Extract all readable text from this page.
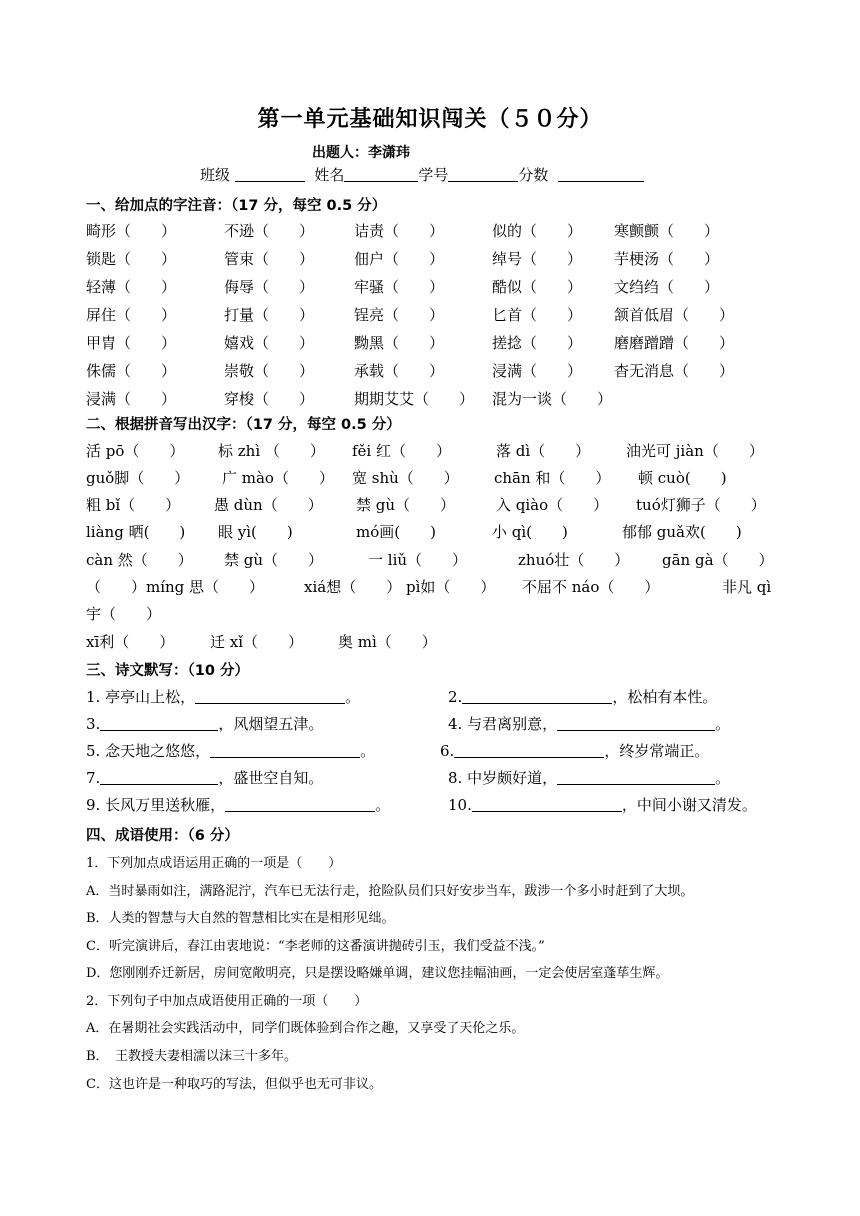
第一单元基础知识闯关（５０分）
出题人：李潇玮
班级	姓名	学号	分数
一、给加点的字注音：（17 分，每空 0.5 分）
畸形（　　）	不逊（　　）	诘责（　　）	似的（　　） 寒颤颤（　　）
锁匙（　　）	管束（　　）	佃户（　　）	绰号（　　） 芋梗汤（　　）
轻薄（　　）	侮辱（　　）	牢骚（　　）	酷似（　　） 文绉绉（　　）
屏住（　　）	打量（　　）	锃亮（　　）	匕首（　　） 颔首低眉（　　）
甲胄（　　）	嬉戏（　　）	黝黑（　　）	搓捻（　　） 磨磨蹭蹭（　　）
侏儒（　　）	崇敬（　　）	承载（　　）	浸满（　　） 杳无消息（　　）
浸满（　　）	穿梭（　　）	期期艾艾（　　） 混为一谈（　　）
二、根据拼音写出汉字：（17 分，每空 0.5 分）
活 pō（　　） 标 zhì （　　） fěi 红（　　）	落 dì（　　） 油光可 jiàn（　　）
guǒ脚（　　） 广 mào（　　） 宽 shù（　　） chān 和（　　） 顿 cuò(　　)
粗 bǐ（　　） 愚 dùn（　　） 禁 gù（　　）	入 qiào（　　） tuó灯狮子（　　）
liàng 晒(　　) 眼 yì(　　)	mó画(　　)	小 qì(　　)	郁郁 guǎ欢(　　)
càn 然（　　） 禁 gù（　　）	一 liǔ（　　）	zhuó壮（　　） gān gà（　　）
（　　）míng 思（　　）	xiá想（　　） pì如（　　） 不屈不 náo（　　）	非凡 qì
宇（　　）
xī利（　　） 迁 xǐ（　　） 奥 mì（　　）
三、诗文默写：（10 分）
1. 亭亭山上松，	。	2.	，松柏有本性。
3.	，风烟望五津。	4. 与君离别意，	。
5. 念天地之悠悠，	。	6.	，终岁常端正。
7.	，盛世空自知。	8. 中岁颇好道，	。
9. 长风万里送秋雁，	。	10.	，中间小谢又清发。
四、成语使用：（6 分）
1．下列加点成语运用正确的一项是（　　）
A．当时暴雨如注，满路泥泞，汽车已无法行走，抢险队员们只好安步当车，跋涉一个多小时赶到了大坝。
B．人类的智慧与大自然的智慧相比实在是相形见绌。
C．听完演讲后，春江由衷地说：“李老师的这番演讲抛砖引玉，我们受益不浅。”
D．您刚刚乔迁新居，房间宽敞明亮，只是摆设略嫌单调，建议您挂幅油画，一定会使居室蓬荜生辉。
2．下列句子中加点成语使用正确的一项（　　）
A．在暑期社会实践活动中，同学们既体验到合作之趣，又享受了天伦之乐。
B．　王教授夫妻相濡以沫三十多年。
C．这也许是一种取巧的写法，但似乎也无可非议。
